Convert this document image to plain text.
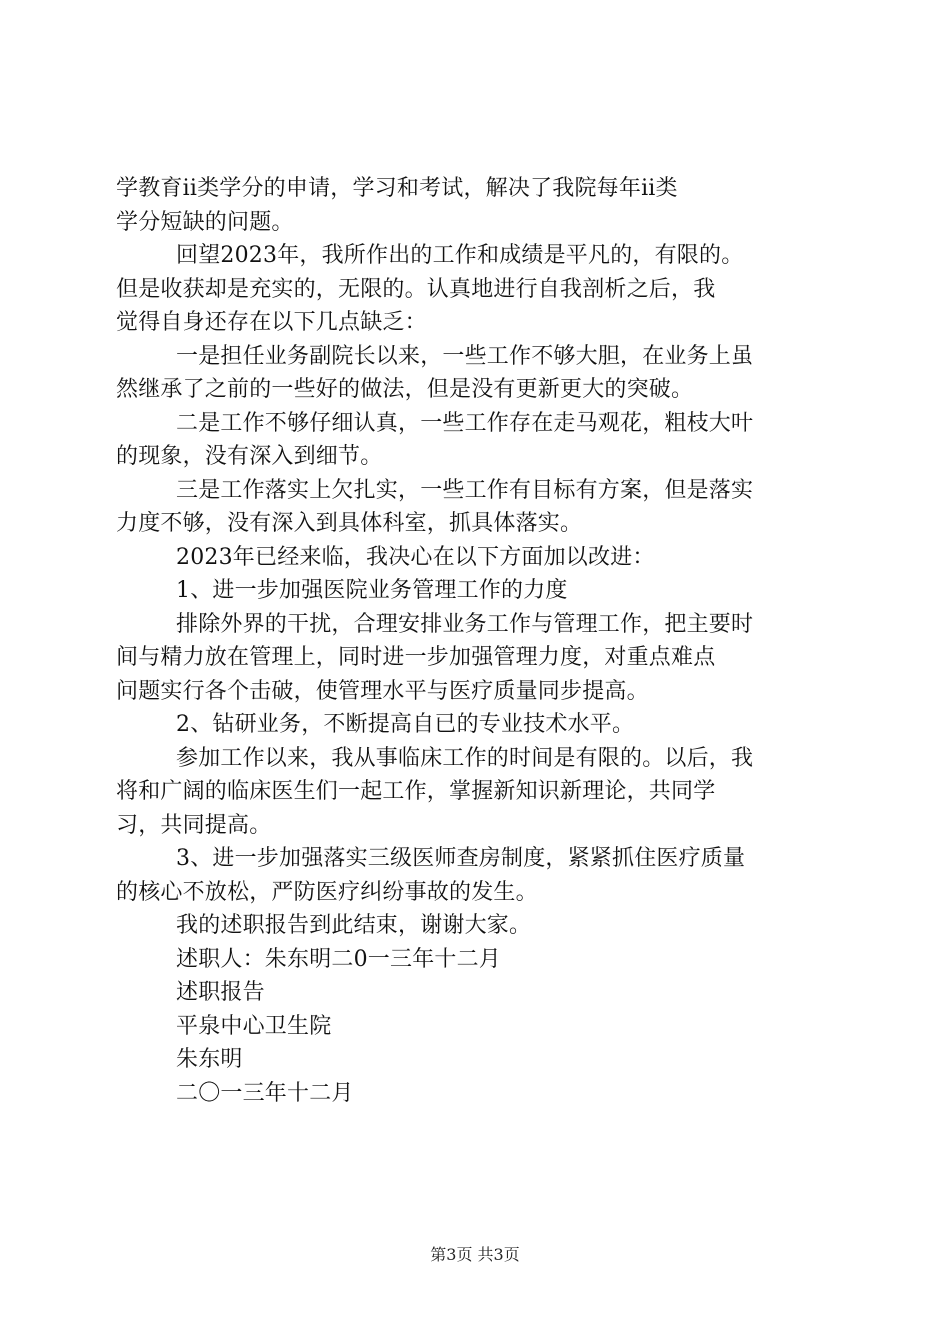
学教育ii类学分的申请，学习和考试，解决了我院每年ii类
学分短缺的问题。
回望2023年，我所作出的工作和成绩是平凡的，有限的。
但是收获却是充实的，无限的。认真地进行自我剖析之后，我
觉得自身还存在以下几点缺乏：
一是担任业务副院长以来，一些工作不够大胆，在业务上虽
然继承了之前的一些好的做法，但是没有更新更大的突破。
二是工作不够仔细认真，一些工作存在走马观花，粗枝大叶
的现象，没有深入到细节。
三是工作落实上欠扎实，一些工作有目标有方案，但是落实
力度不够，没有深入到具体科室，抓具体落实。
2023年已经来临，我决心在以下方面加以改进：
1、进一步加强医院业务管理工作的力度
排除外界的干扰，合理安排业务工作与管理工作，把主要时
间与精力放在管理上，同时进一步加强管理力度，对重点难点
问题实行各个击破，使管理水平与医疗质量同步提高。
2、钻研业务，不断提高自已的专业技术水平。
参加工作以来，我从事临床工作的时间是有限的。以后，我
将和广阔的临床医生们一起工作，掌握新知识新理论，共同学
习，共同提高。
3、进一步加强落实三级医师查房制度，紧紧抓住医疗质量
的核心不放松，严防医疗纠纷事故的发生。
我的述职报告到此结束，谢谢大家。
述职人：朱东明二0一三年十二月
述职报告
平泉中心卫生院
朱东明
二〇一三年十二月
第3页 共3页
